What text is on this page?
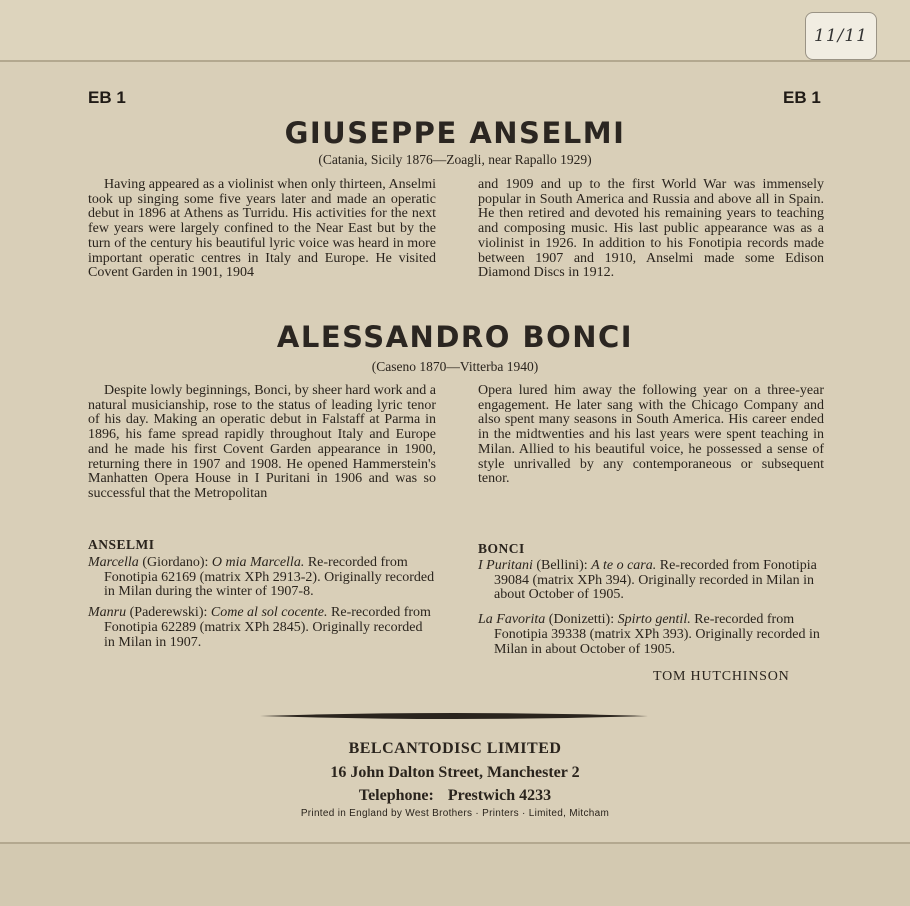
11/11
EB 1	EB 1
GIUSEPPE ANSELMI
(Catania, Sicily 1876—Zoagli, near Rapallo 1929)

Having appeared as a violinist when only thirteen, Anselmi took up singing some five years later and made an operatic debut in 1896 at Athens as Turridu. His activities for the next few years were largely confined to the Near East but by the turn of the century his beautiful lyric voice was heard in more important operatic centres in Italy and Europe. He visited Covent Garden in 1901, 1904

and 1909 and up to the first World War was immensely popular in South America and Russia and above all in Spain. He then retired and devoted his remaining years to teaching and composing music. His last public appearance was as a violinist in 1926. In addition to his Fonotipia records made between 1907 and 1910, Anselmi made some Edison Diamond Discs in 1912.

ALESSANDRO BONCI
(Caseno 1870—Vitterba 1940)

Despite lowly beginnings, Bonci, by sheer hard work and a natural musicianship, rose to the status of leading lyric tenor of his day. Making an operatic debut in Falstaff at Parma in 1896, his fame spread rapidly throughout Italy and Europe and he made his first Covent Garden appearance in 1900, returning there in 1907 and 1908. He opened Hammerstein's Manhatten Opera House in I Puritani in 1906 and was so successful that the Metropolitan

Opera lured him away the following year on a three-year engagement. He later sang with the Chicago Company and also spent many seasons in South America. His career ended in the midtwenties and his last years were spent teaching in Milan. Allied to his beautiful voice, he possessed a sense of style unrivalled by any contemporaneous or subsequent tenor.

ANSELMI

Marcella (Giordano): O mia Marcella. Re-recorded from Fonotipia 62169 (matrix XPh 2913-2). Originally recorded in Milan during the winter of 1907-8.

Manru (Paderewski): Come al sol cocente. Re-recorded from Fonotipia 62289 (matrix XPh 2845). Originally recorded in Milan in 1907.

BONCI

I Puritani (Bellini): A te o cara. Re-recorded from Fonotipia 39084 (matrix XPh 394). Originally recorded in Milan in about October of 1905.

La Favorita (Donizetti): Spirto gentil. Re-recorded from Fonotipia 39338 (matrix XPh 393). Originally recorded in Milan in about October of 1905.

TOM HUTCHINSON
BELCANTODISC LIMITED
16 John Dalton Street, Manchester 2
Telephone: Prestwich 4233
Printed in England by West Brothers · Printers · Limited, Mitcham
